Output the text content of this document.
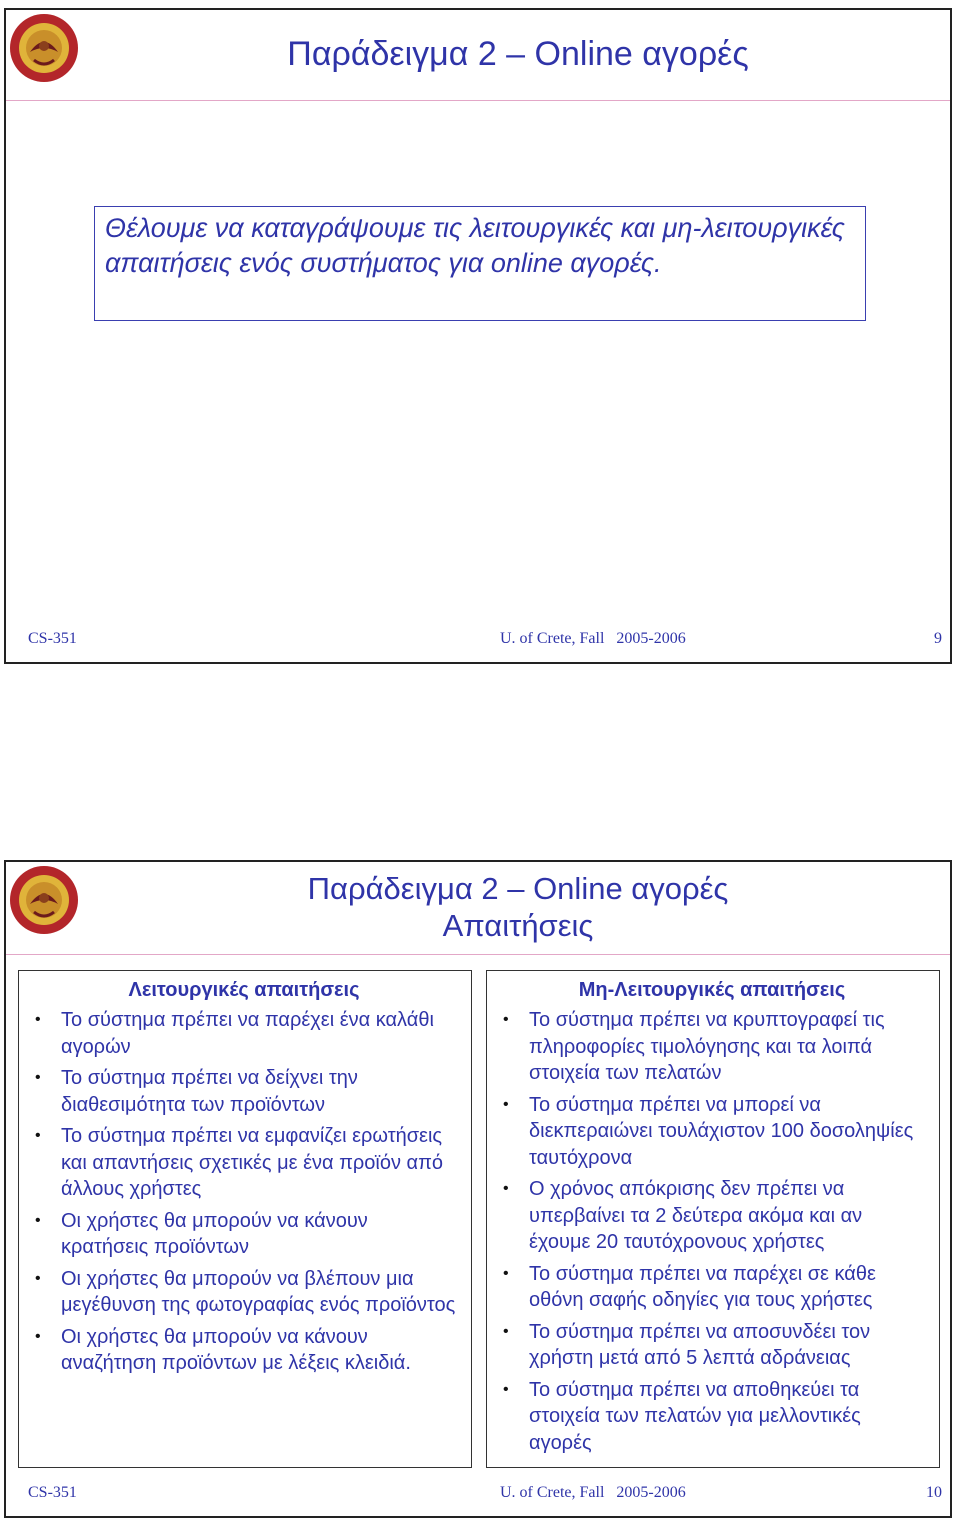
Παράδειγμα 2 – Online αγορές
Θέλουμε να καταγράψουμε τις λειτουργικές και μη-λειτουργικές απαιτήσεις ενός συστήματος για online αγορές.
CS-351	U. of Crete, Fall   2005-2006	9
Παράδειγμα 2 – Online αγορές
Απαιτήσεις
Λειτουργικές απαιτήσεις
• Το σύστημα πρέπει να παρέχει ένα καλάθι αγορών
• Το σύστημα πρέπει να δείχνει την διαθεσιμότητα των προϊόντων
• Το σύστημα πρέπει να εμφανίζει ερωτήσεις και απαντήσεις σχετικές με ένα προϊόν από άλλους χρήστες
• Οι χρήστες θα μπορούν να κάνουν κρατήσεις προϊόντων
• Οι χρήστες θα μπορούν να βλέπουν μια μεγέθυνση της φωτογραφίας ενός προϊόντος
• Οι χρήστες θα μπορούν να κάνουν αναζήτηση προϊόντων με λέξεις κλειδιά.
Μη-Λειτουργικές απαιτήσεις
• Το σύστημα πρέπει να κρυπτογραφεί τις πληροφορίες τιμολόγησης και τα λοιπά στοιχεία των πελατών
• Το σύστημα πρέπει να μπορεί να διεκπεραιώνει τουλάχιστον 100 δοσοληψίες ταυτόχρονα
• Ο χρόνος απόκρισης δεν πρέπει να υπερβαίνει τα 2 δεύτερα ακόμα και αν έχουμε 20 ταυτόχρονους χρήστες
• Το σύστημα πρέπει να παρέχει σε κάθε οθόνη σαφής οδηγίες για τους χρήστες
• Το σύστημα πρέπει να αποσυνδέει τον χρήστη μετά από 5 λεπτά αδράνειας
• Το σύστημα πρέπει να αποθηκεύει τα στοιχεία των πελατών για μελλοντικές αγορές
CS-351	U. of Crete, Fall   2005-2006	10
